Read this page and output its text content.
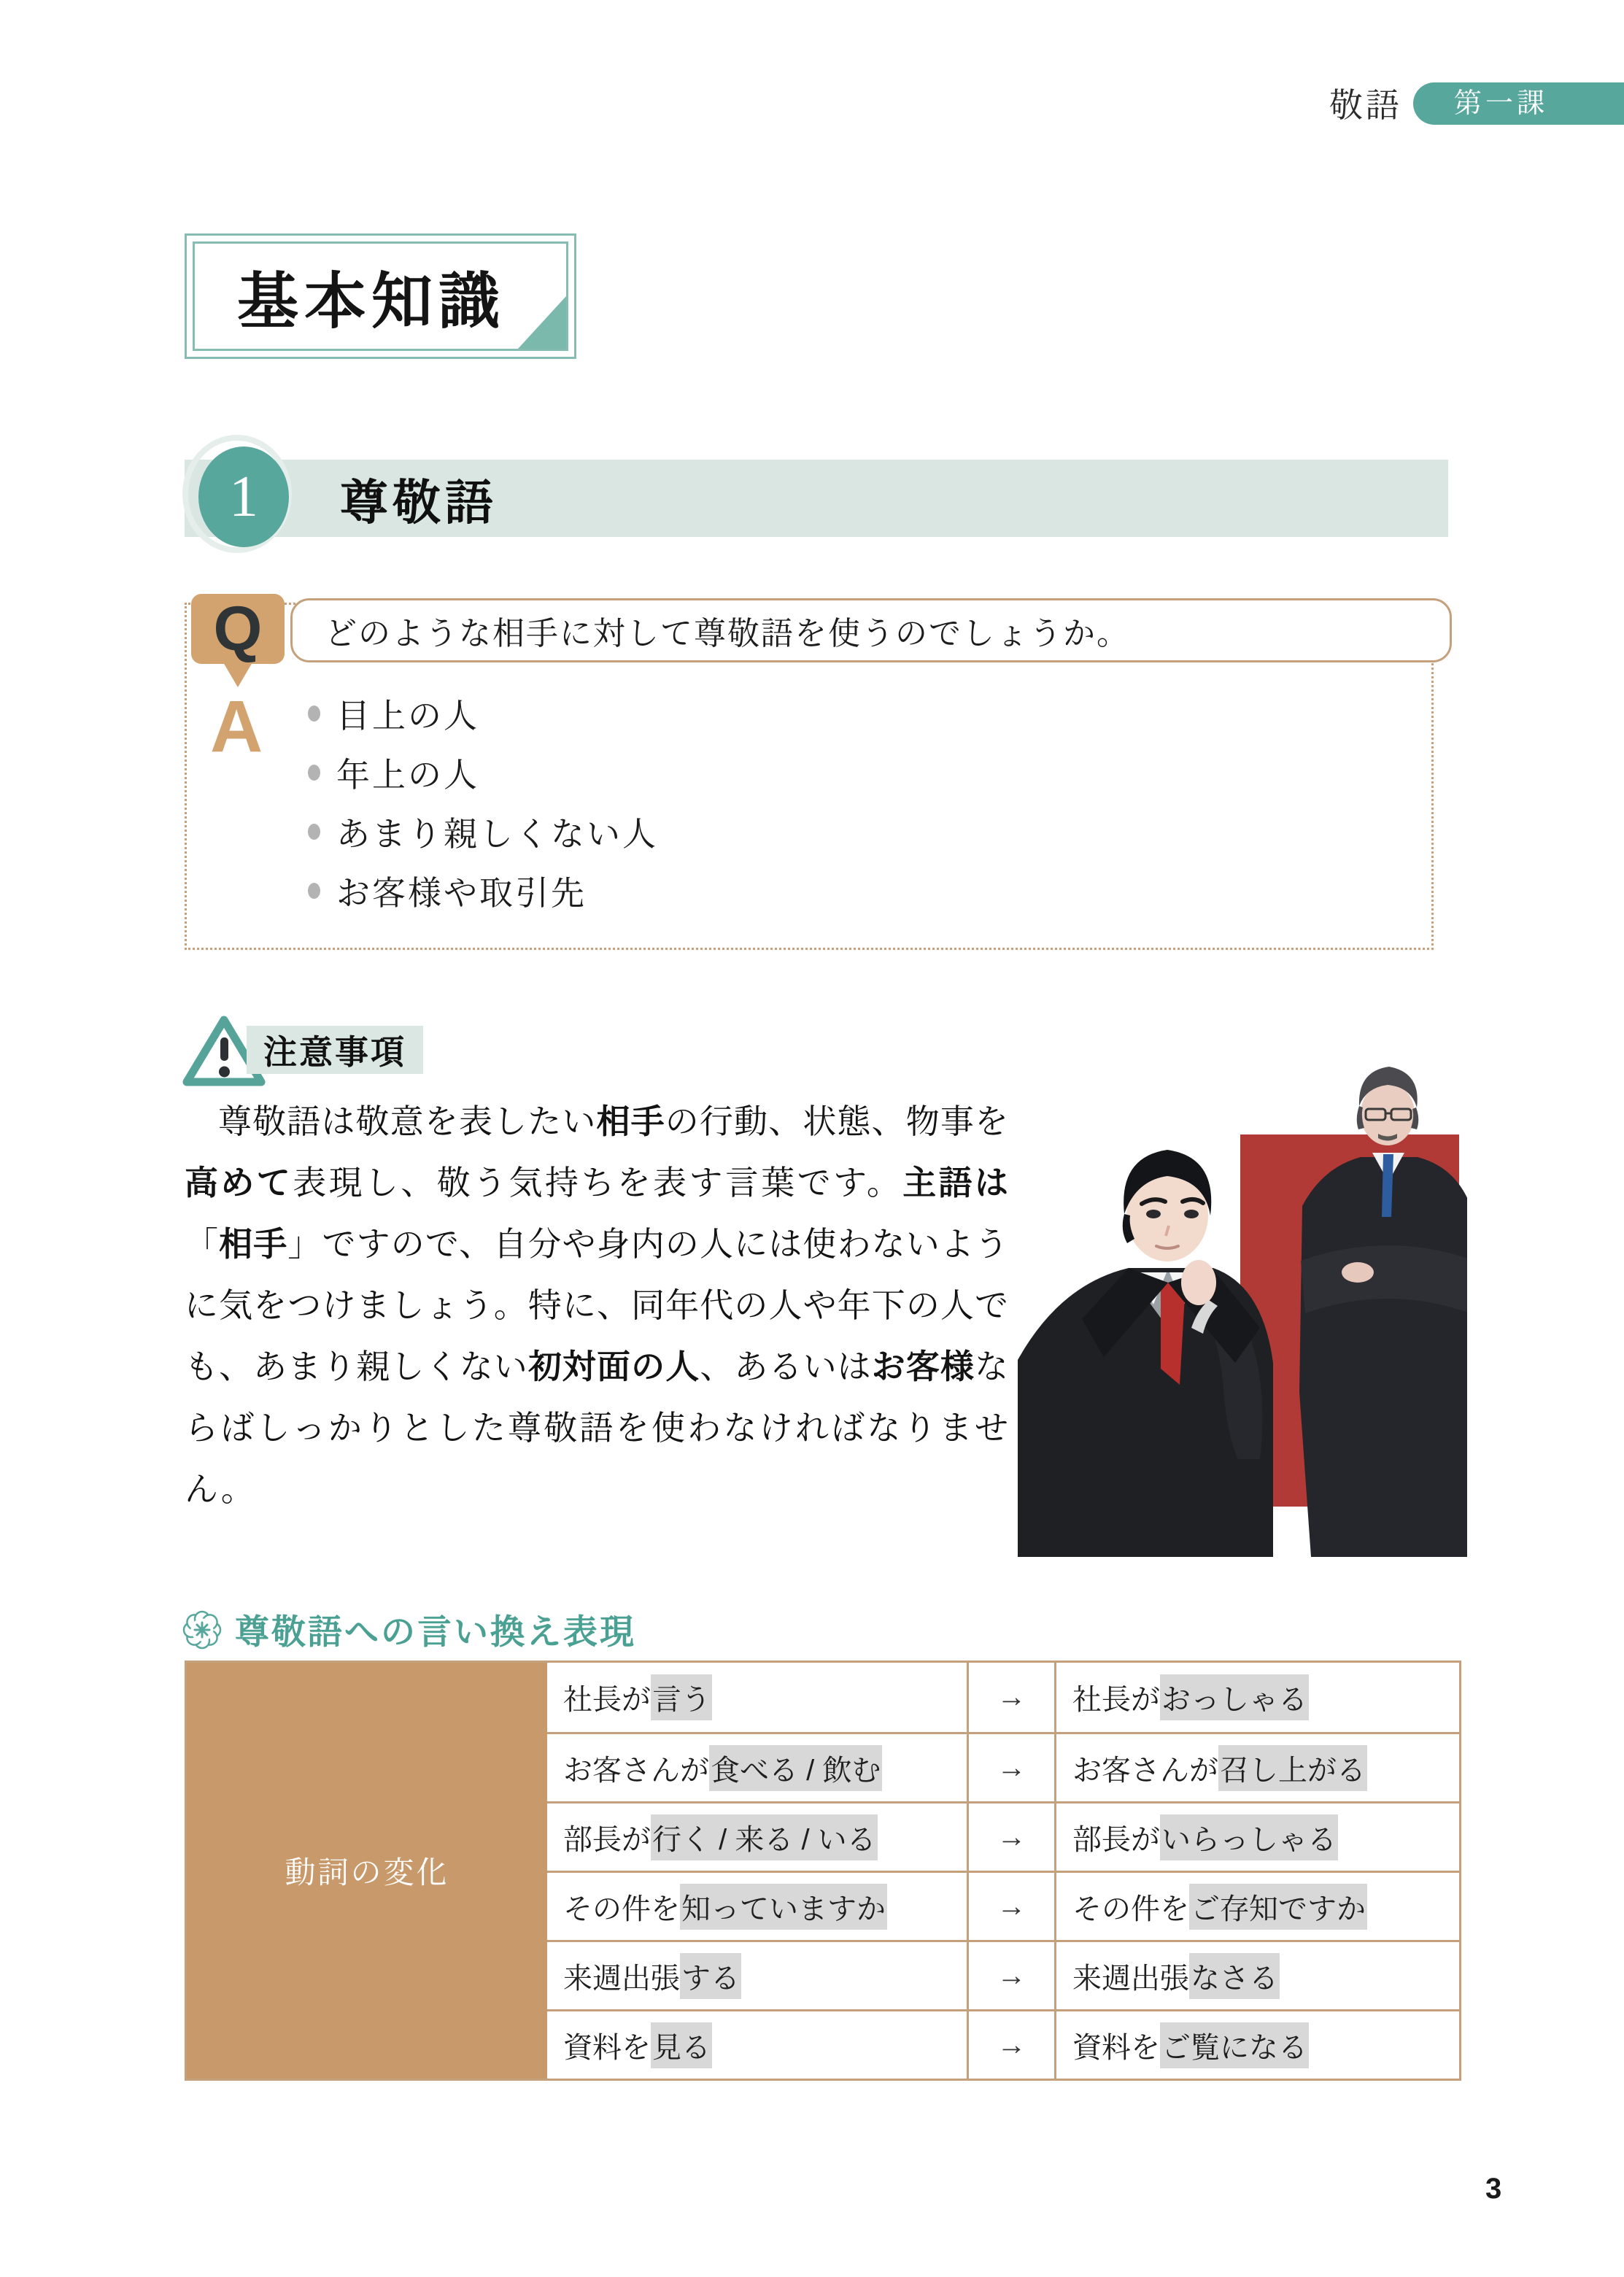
敬語	第一課
基本知識
1 尊敬語
Q	どのような相手に対して尊敬語を使うのでしょうか。
A 目上の人
年上の人
あまり親しくない人
お客様や取引先
注意事項

尊敬語は敬意を表したい相手の行動、状態、物事を高めて表現し、敬う気持ちを表す言葉です。主語は「相手」ですので、自分や身内の人には使わないように気をつけましょう。特に、同年代の人や年下の人でも、あまり親しくない初対面の人、あるいはお客様ならばしっかりとした尊敬語を使わなければなりません。

尊敬語への言い換え表現
動詞の変化
社長が 言う	→	社長が おっしゃる
お客さんが 食べる / 飲む	→	お客さんが 召し上がる
部長が 行く / 来る / いる	→	部長が いらっしゃる
その件を 知っていますか	→	その件を ご存知ですか
来週出張 する	→	来週出張 なさる
資料を 見る	→	資料を ご覧になる
3
